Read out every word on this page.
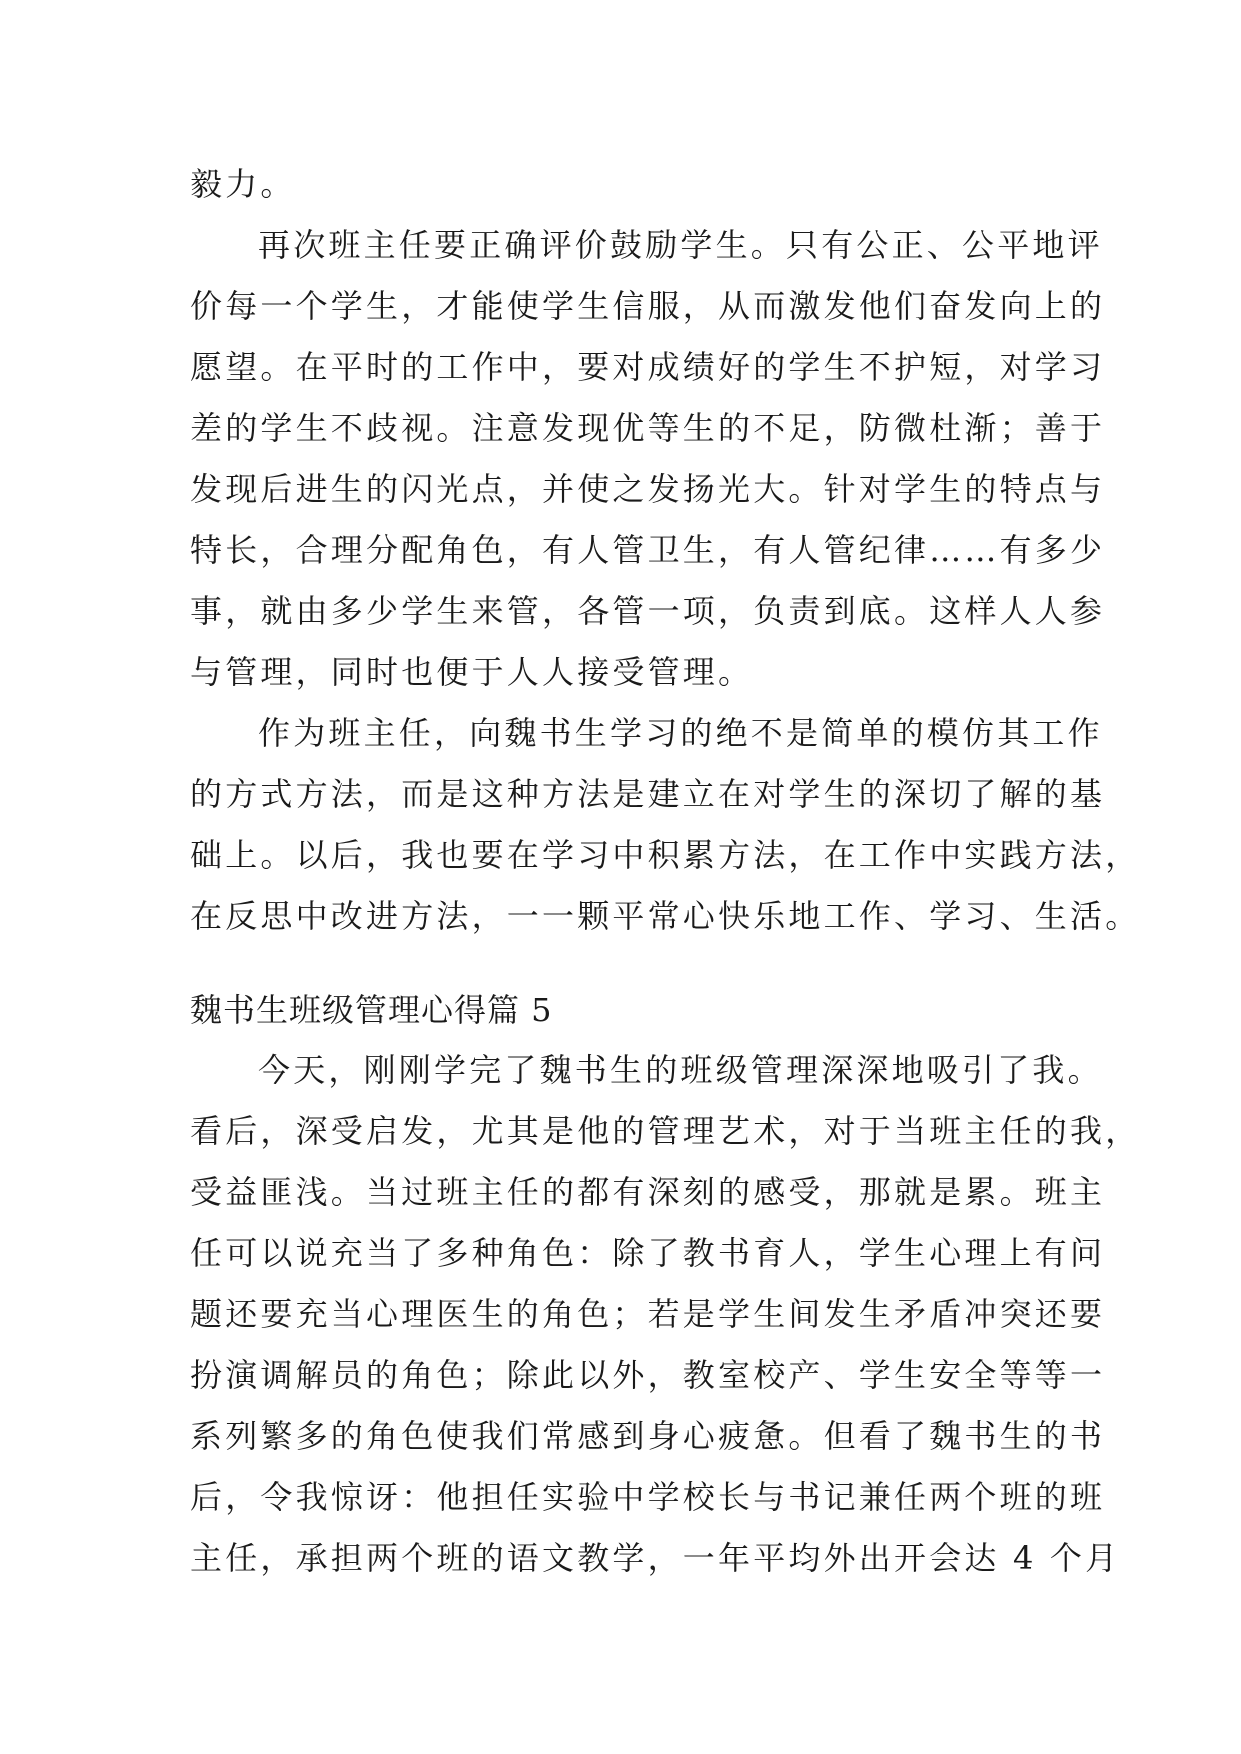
毅力。
再次班主任要正确评价鼓励学生。只有公正、公平地评
价每一个学生，才能使学生信服，从而激发他们奋发向上的
愿望。在平时的工作中，要对成绩好的学生不护短，对学习
差的学生不歧视。注意发现优等生的不足，防微杜渐；善于
发现后进生的闪光点，并使之发扬光大。针对学生的特点与
特长，合理分配角色，有人管卫生，有人管纪律……有多少
事，就由多少学生来管，各管一项，负责到底。这样人人参
与管理，同时也便于人人接受管理。
作为班主任，向魏书生学习的绝不是简单的模仿其工作
的方式方法，而是这种方法是建立在对学生的深切了解的基
础上。以后，我也要在学习中积累方法，在工作中实践方法，
在反思中改进方法，一一颗平常心快乐地工作、学习、生活。
魏书生班级管理心得篇 5
今天，刚刚学完了魏书生的班级管理深深地吸引了我。
看后，深受启发，尤其是他的管理艺术，对于当班主任的我，
受益匪浅。当过班主任的都有深刻的感受，那就是累。班主
任可以说充当了多种角色：除了教书育人，学生心理上有问
题还要充当心理医生的角色；若是学生间发生矛盾冲突还要
扮演调解员的角色；除此以外，教室校产、学生安全等等一
系列繁多的角色使我们常感到身心疲惫。但看了魏书生的书
后，令我惊讶：他担任实验中学校长与书记兼任两个班的班
主任，承担两个班的语文教学，一年平均外出开会达 4 个月
